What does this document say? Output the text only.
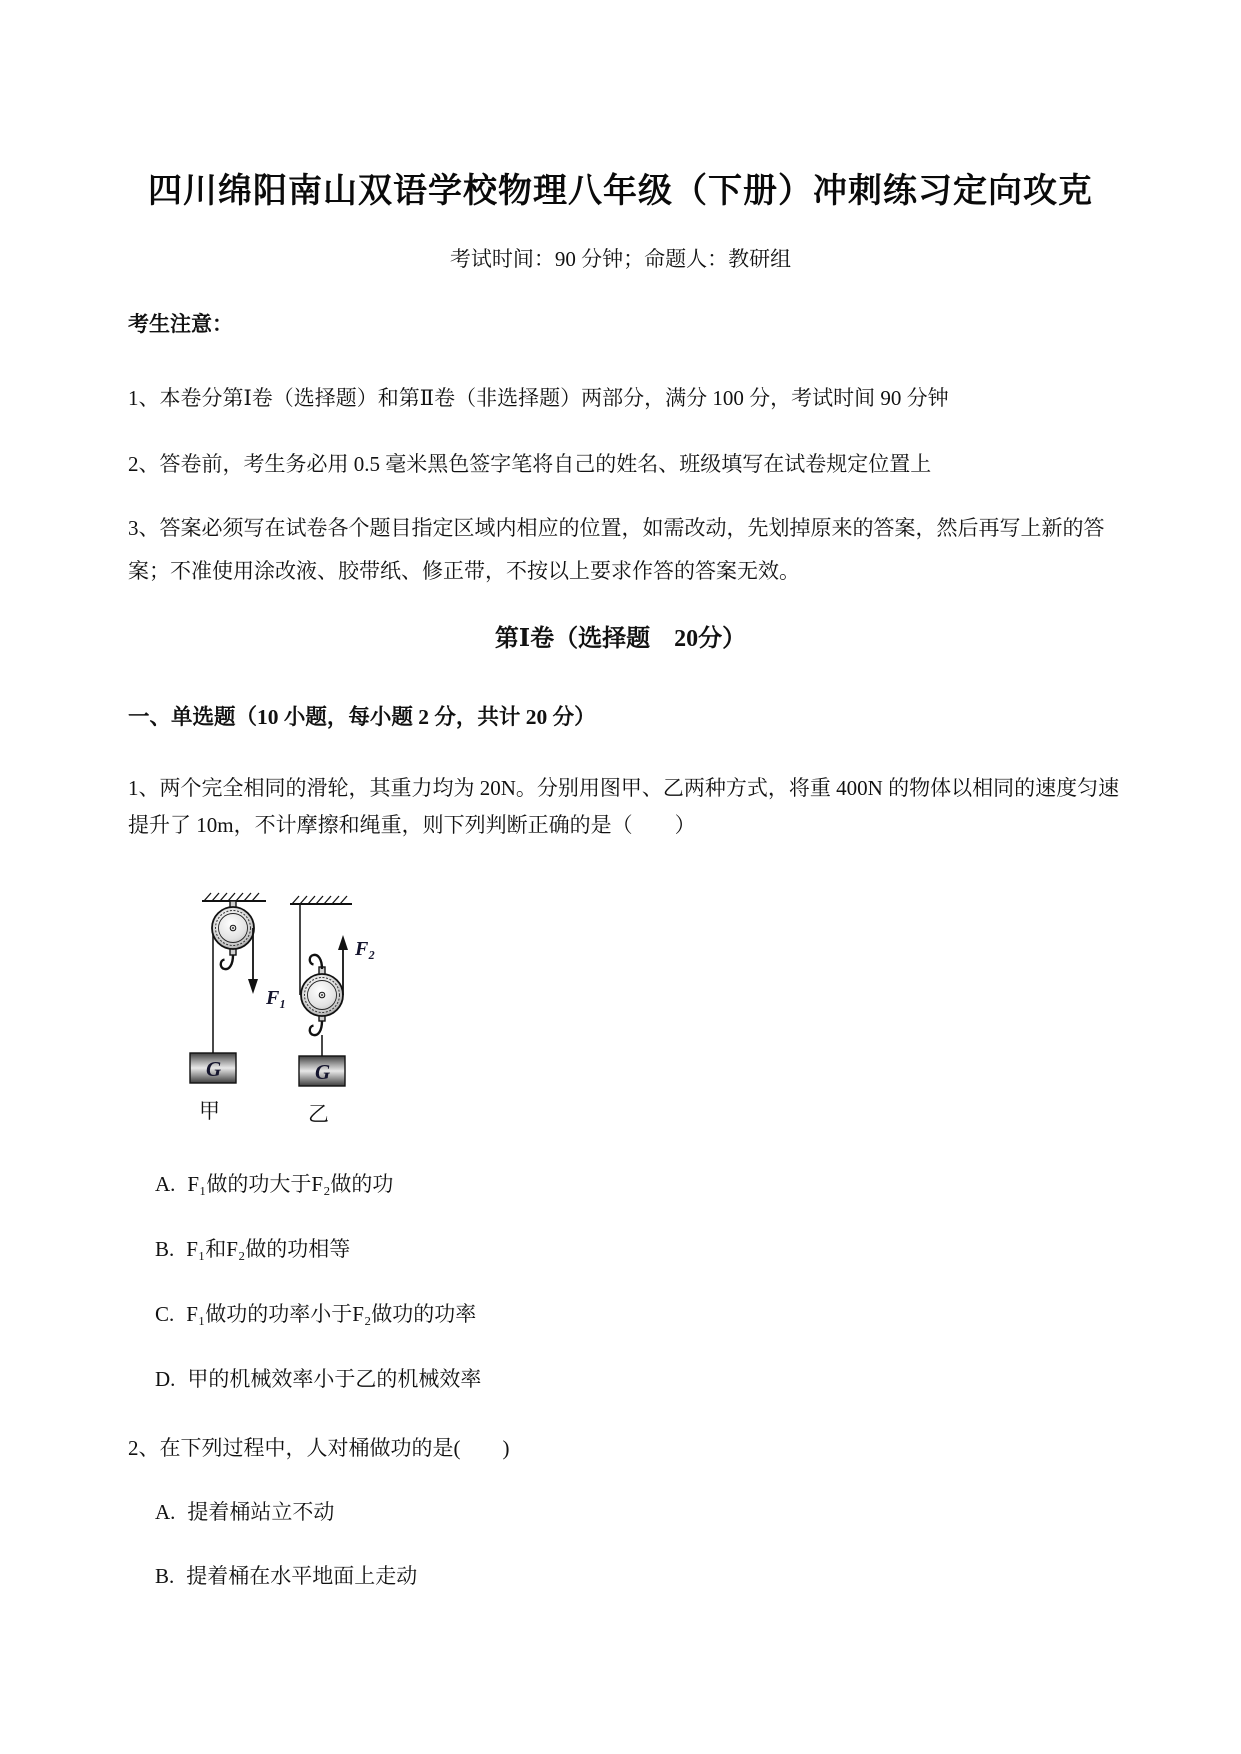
四川绵阳南山双语学校物理八年级（下册）冲刺练习定向攻克
考试时间：90 分钟；命题人：教研组
考生注意：
1、本卷分第Ⅰ卷（选择题）和第Ⅱ卷（非选择题）两部分，满分 100 分，考试时间 90 分钟
2、答卷前，考生务必用 0.5 毫米黑色签字笔将自己的姓名、班级填写在试卷规定位置上
3、答案必须写在试卷各个题目指定区域内相应的位置，如需改动，先划掉原来的答案，然后再写上新的答案；不准使用涂改液、胶带纸、修正带，不按以上要求作答的答案无效。
第Ⅰ卷（选择题　20分）
一、单选题（10 小题，每小题 2 分，共计 20 分）
1、两个完全相同的滑轮，其重力均为 20N。分别用图甲、乙两种方式，将重 400N 的物体以相同的速度匀速提升了 10m，不计摩擦和绳重，则下列判断正确的是（　　）
F₁
G
甲
F₂
G
乙
A. F₁做的功大于F₂做的功
B. F₁和F₂做的功相等
C. F₁做功的功率小于F₂做功的功率
D. 甲的机械效率小于乙的机械效率
2、在下列过程中，人对桶做功的是(　　)
A. 提着桶站立不动
B. 提着桶在水平地面上走动
